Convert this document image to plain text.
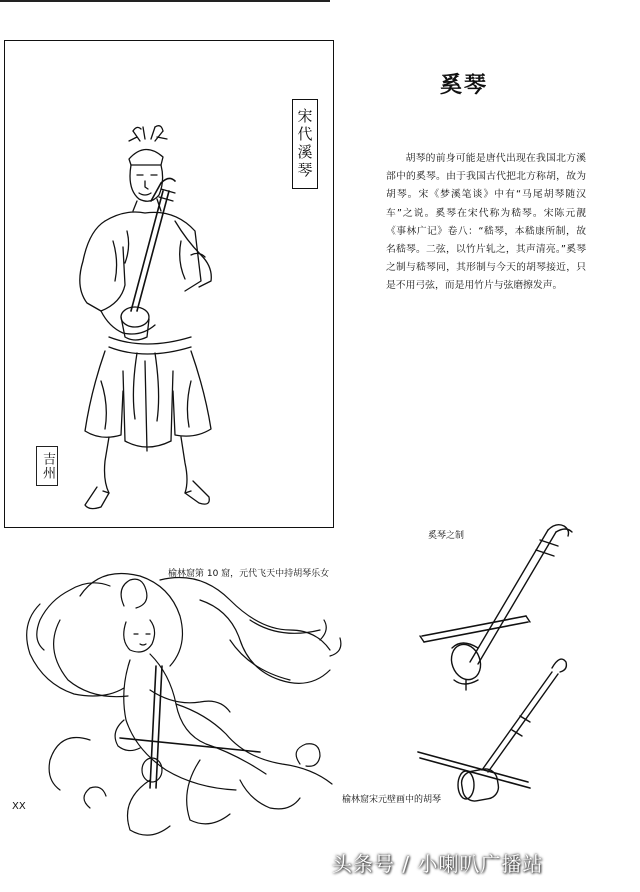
宋代溪琴
吉州
奚琴
胡琴的前身可能是唐代出现在我国北方溪部中的奚琴。由于我国古代把北方称胡，故为胡琴。宋《梦溪笔谈》中有“马尾胡琴随汉车”之说。奚琴在宋代称为嵇琴。宋陈元靓《事林广记》卷八：“嵇琴，本嵇康所制，故名嵇琴。二弦，以竹片轧之，其声清亮。”奚琴之制与嵇琴同，其形制与今天的胡琴接近，只是不用弓弦，而是用竹片与弦磨擦发声。
奚琴之制
榆林窟第 10 窟，元代飞天中持胡琴乐女
榆林窟宋元壁画中的胡琴
XX
头条号 / 小喇叭广播站
